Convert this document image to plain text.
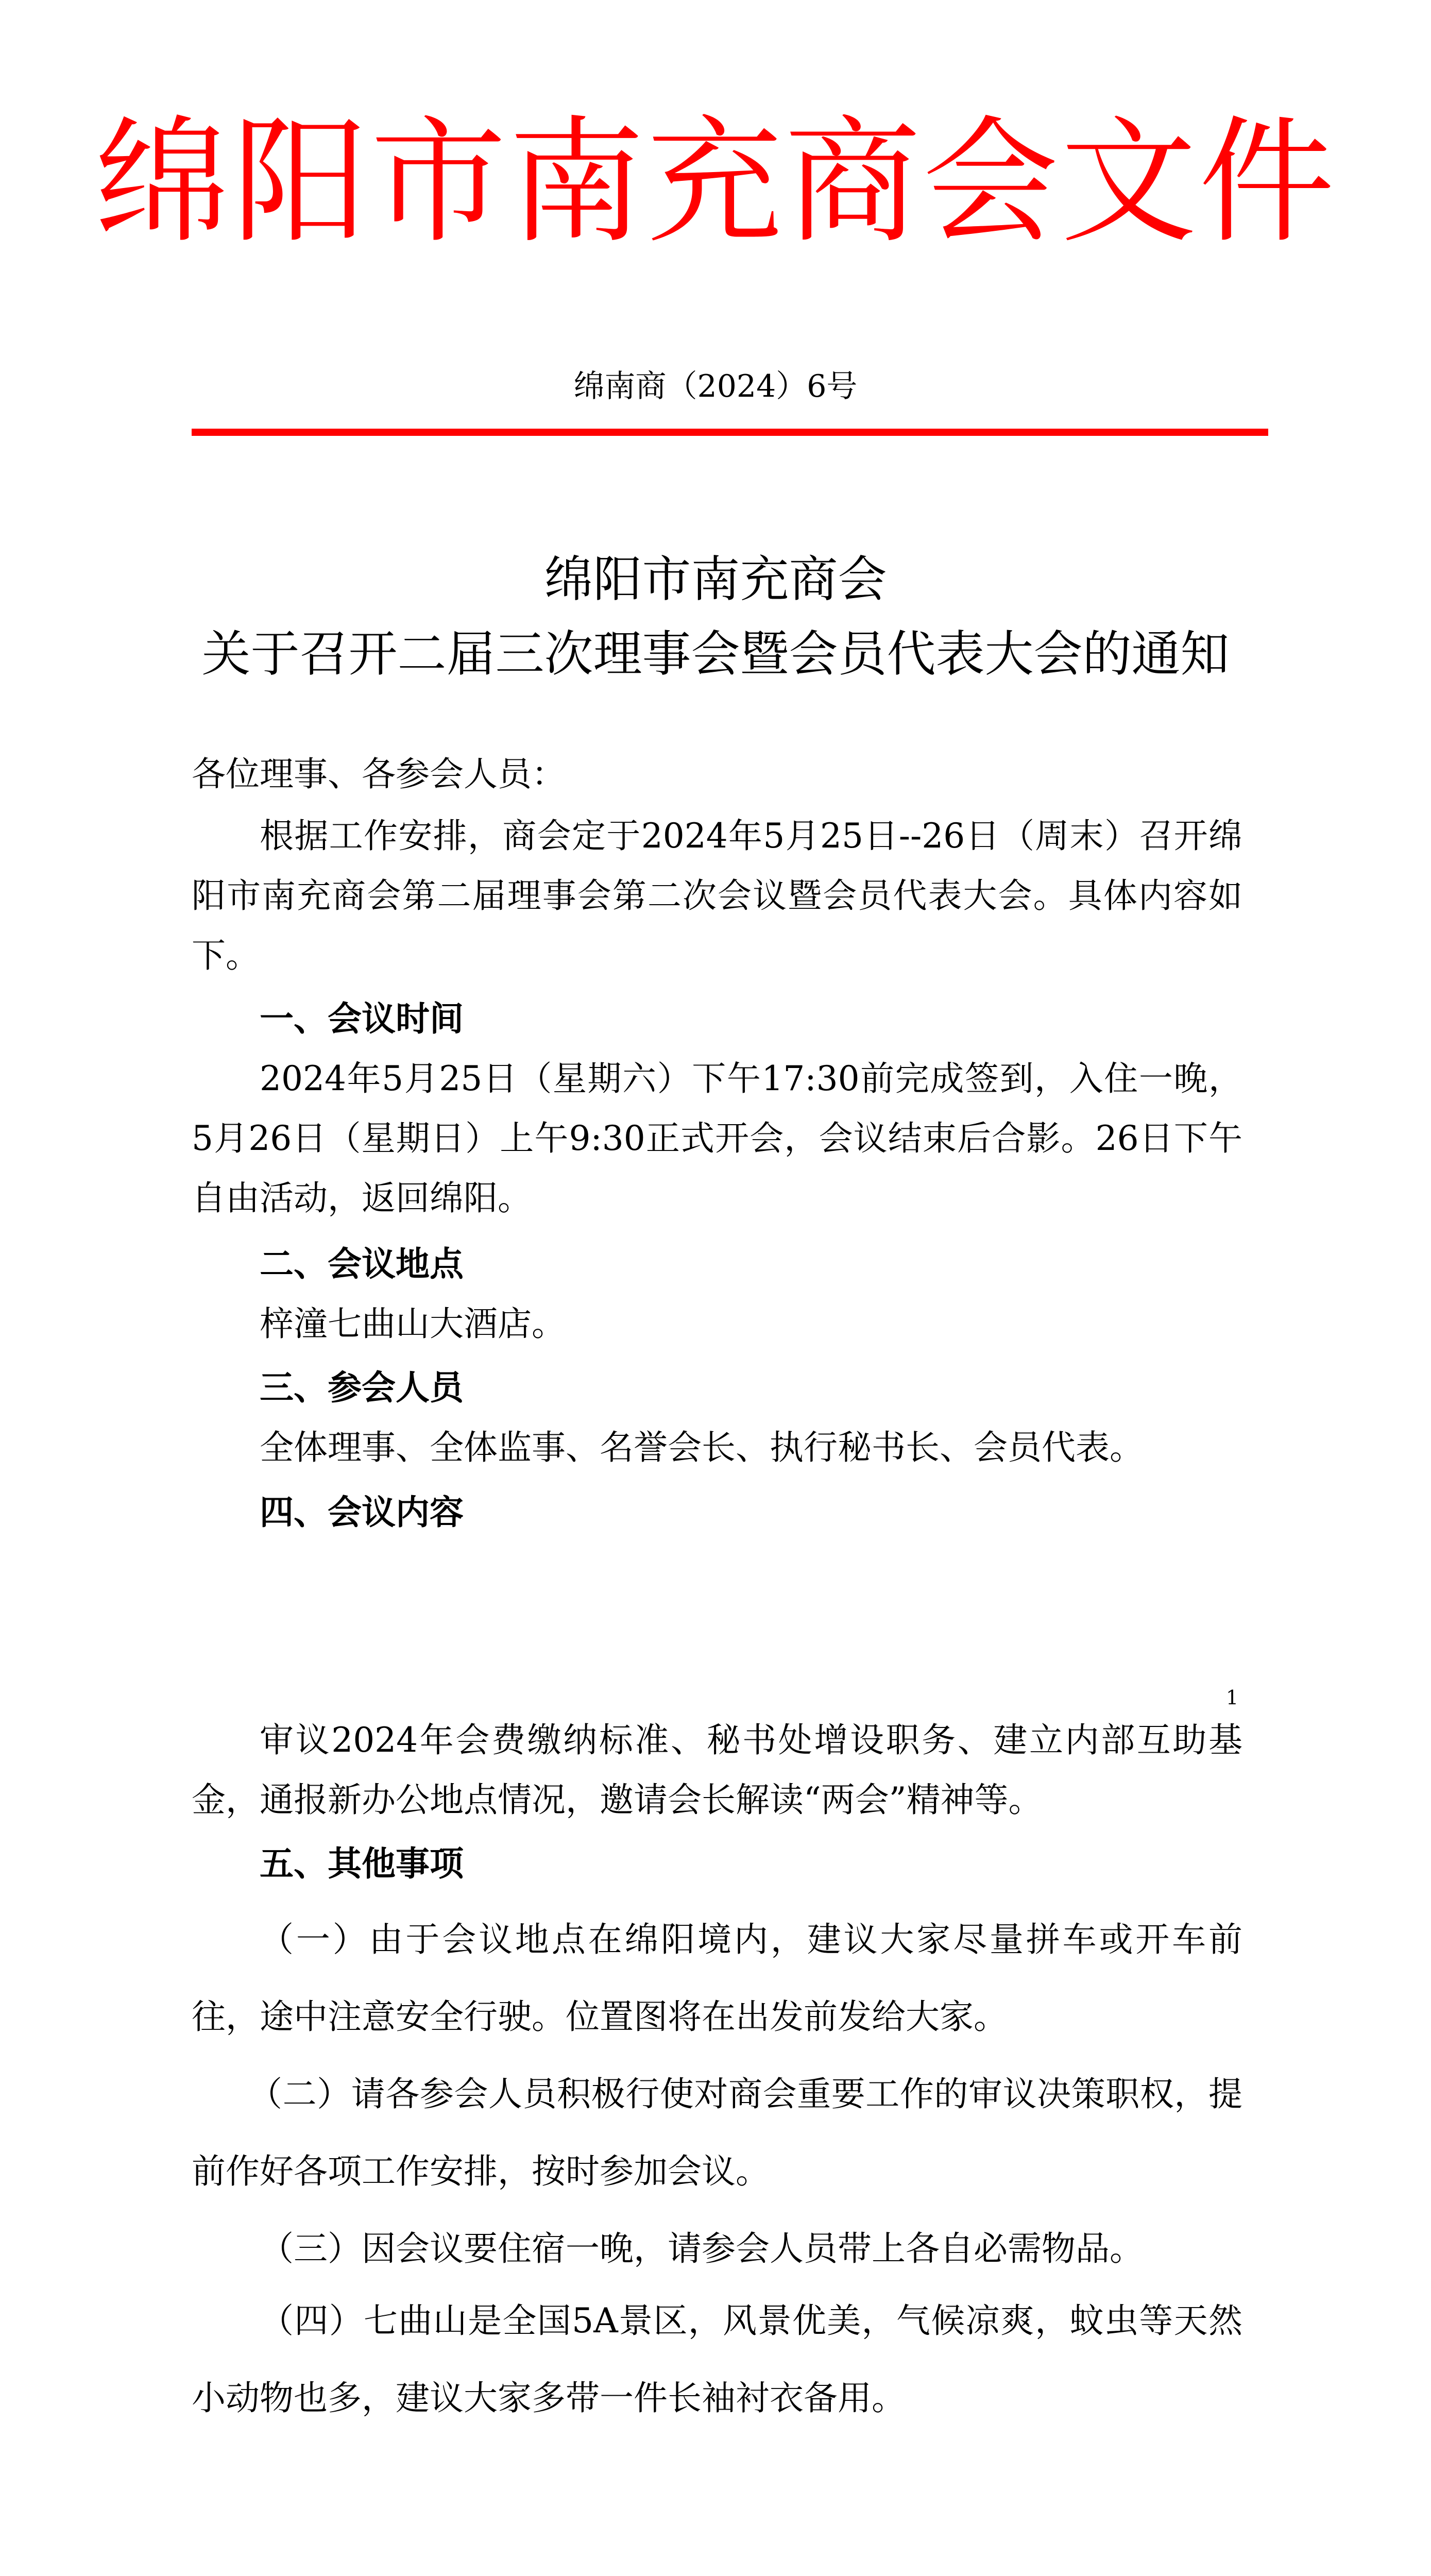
绵阳市南充商会文件
绵南商（2024）6号
绵阳市南充商会
关于召开二届三次理事会暨会员代表大会的通知
各位理事、各参会人员：
根据工作安排，商会定于2024年5月25日--26日（周末）召开绵阳市南充商会第二届理事会第二次会议暨会员代表大会。具体内容如下。
一、会议时间
2024年5月25日（星期六）下午17:30前完成签到，入住一晚，5月26日（星期日）上午9:30正式开会，会议结束后合影。26日下午自由活动，返回绵阳。
二、会议地点
梓潼七曲山大酒店。
三、参会人员
全体理事、全体监事、名誉会长、执行秘书长、会员代表。
四、会议内容
1
审议2024年会费缴纳标准、秘书处增设职务、建立内部互助基金，通报新办公地点情况，邀请会长解读“两会”精神等。
五、其他事项
（一）由于会议地点在绵阳境内，建议大家尽量拼车或开车前往，途中注意安全行驶。位置图将在出发前发给大家。
（二）请各参会人员积极行使对商会重要工作的审议决策职权，提前作好各项工作安排，按时参加会议。
（三）因会议要住宿一晚，请参会人员带上各自必需物品。
（四）七曲山是全国5A景区，风景优美，气候凉爽，蚊虫等天然小动物也多，建议大家多带一件长袖衬衣备用。
